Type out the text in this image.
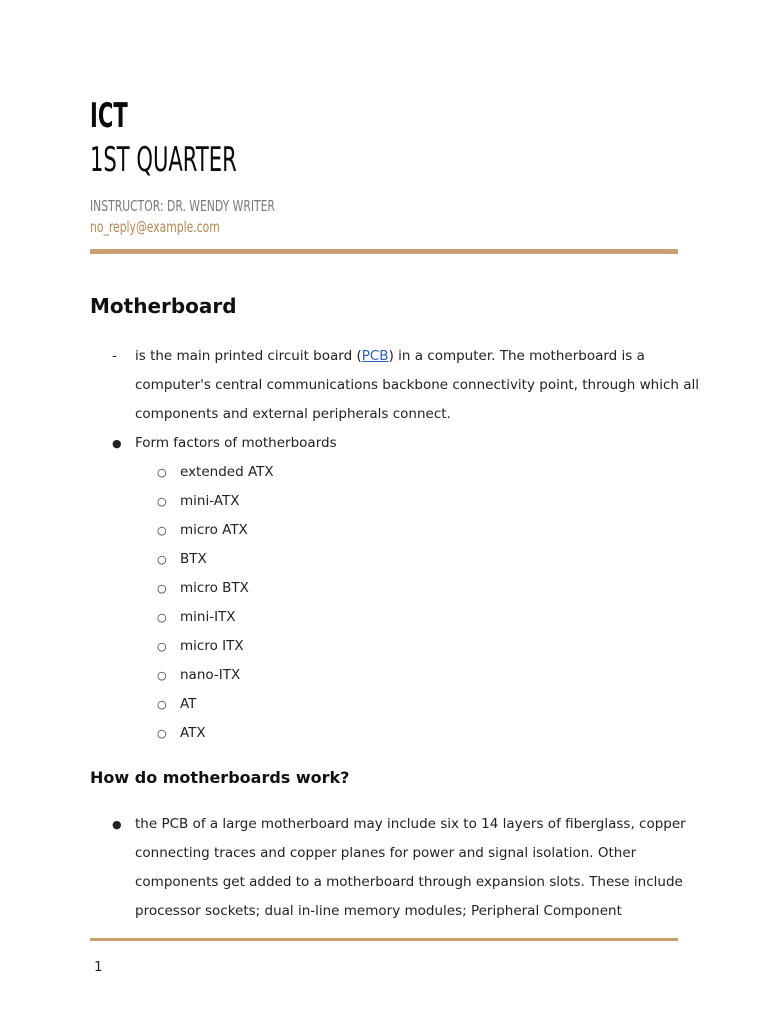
ICT
1ST QUARTER
INSTRUCTOR: DR. WENDY WRITER
no_reply@example.com
Motherboard
- is the main printed circuit board (PCB) in a computer. The motherboard is a
computer's central communications backbone connectivity point, through which all
components and external peripherals connect.
● Form factors of motherboards
○ extended ATX
○ mini-ATX
○ micro ATX
○ BTX
○ micro BTX
○ mini-ITX
○ micro ITX
○ nano-ITX
○ AT
○ ATX
How do motherboards work?
● the PCB of a large motherboard may include six to 14 layers of fiberglass, copper
connecting traces and copper planes for power and signal isolation. Other
components get added to a motherboard through expansion slots. These include
processor sockets; dual in-line memory modules; Peripheral Component
1
